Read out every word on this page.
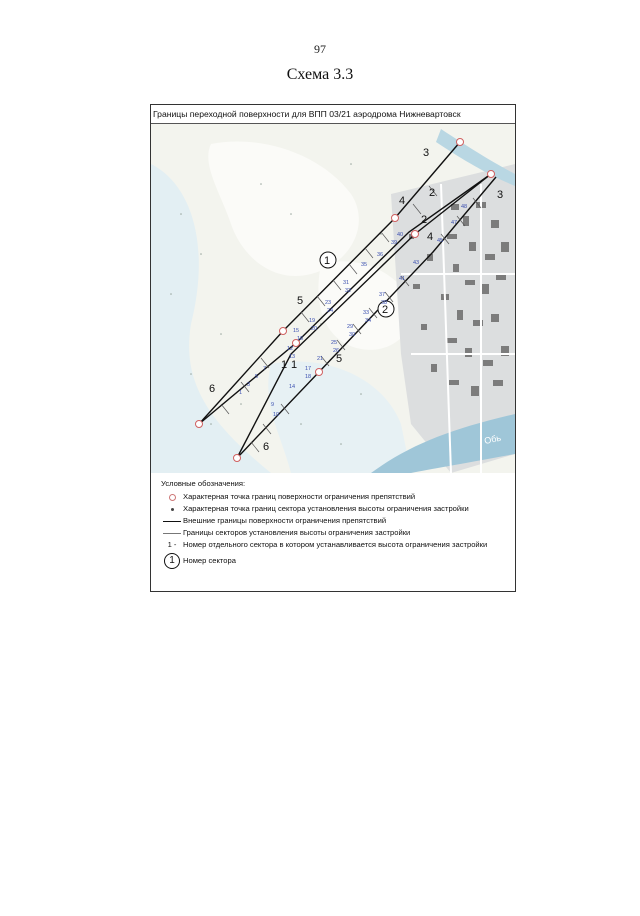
97
Схема 3.3
Границы переходной поверхности для ВПП 03/21 аэродрома Нижневартовск
3
3
4
4
2
2
5
5
6
6
1 1
1
2
1
3
5
7
9
10
12
13
14
15
16
17
18
19
20
21
23
24
25
26
29
30
31
32
33
34
35
36
37
38
39
40
41
43
45
47
48
Обь
Условные обозначения:
Характерная точка границ поверхности ограничения препятствий
Характерная точка границ сектора установления высоты ограничения застройки
Внешние границы поверхности ограничения препятствий
Границы секторов установления высоты ограничения застройки
1 - Номер отдельного сектора в котором устанавливается высота ограничения застройки
1	Номер сектора
